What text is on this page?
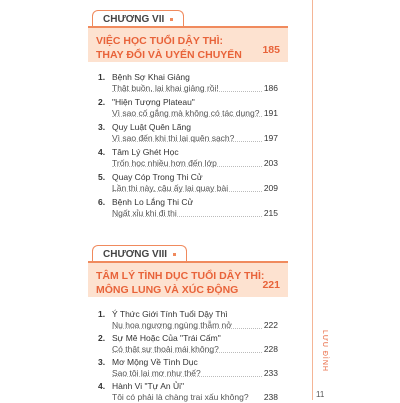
CHƯƠNG VII
VIỆC HỌC TUỔI DẬY THÌ:
THAY ĐỔI VÀ UYỂN CHUYỂN	185
1. Bệnh Sợ Khai Giảng
Thật buồn, lại khai giảng rồi!	186
2. "Hiện Tượng Plateau"
Vì sao cố gắng mà không có tác dụng? 191
3. Quy Luật Quên Lãng
Vì sao đến khi thi lại quên sạch?	197
4. Tâm Lý Ghét Học
Trốn học nhiều hơn đến lớp	203
5. Quay Cóp Trong Thi Cử
Lần thi này, cậu ấy lại quay bài	209
6. Bệnh Lo Lắng Thi Cử
Ngất xỉu khi đi thi	215
CHƯƠNG VIII
TÂM LÝ TÌNH DỤC TUỔI DẬY THÌ:
MÔNG LUNG VÀ XÚC ĐỘNG	221
1. Ý Thức Giới Tính Tuổi Dậy Thì
Nụ hoa ngượng ngùng thẫm nở	222
2. Sự Mê Hoặc Của "Trái Cấm"
Có thật sự thoải mái không?	228
3. Mơ Mộng Về Tình Dục
Sao tôi lại mơ như thế?	233
4. Hành Vi "Tự An Ủi"
Tôi có phải là chàng trai xấu không? 238
LƯU ĐÌNH
11
